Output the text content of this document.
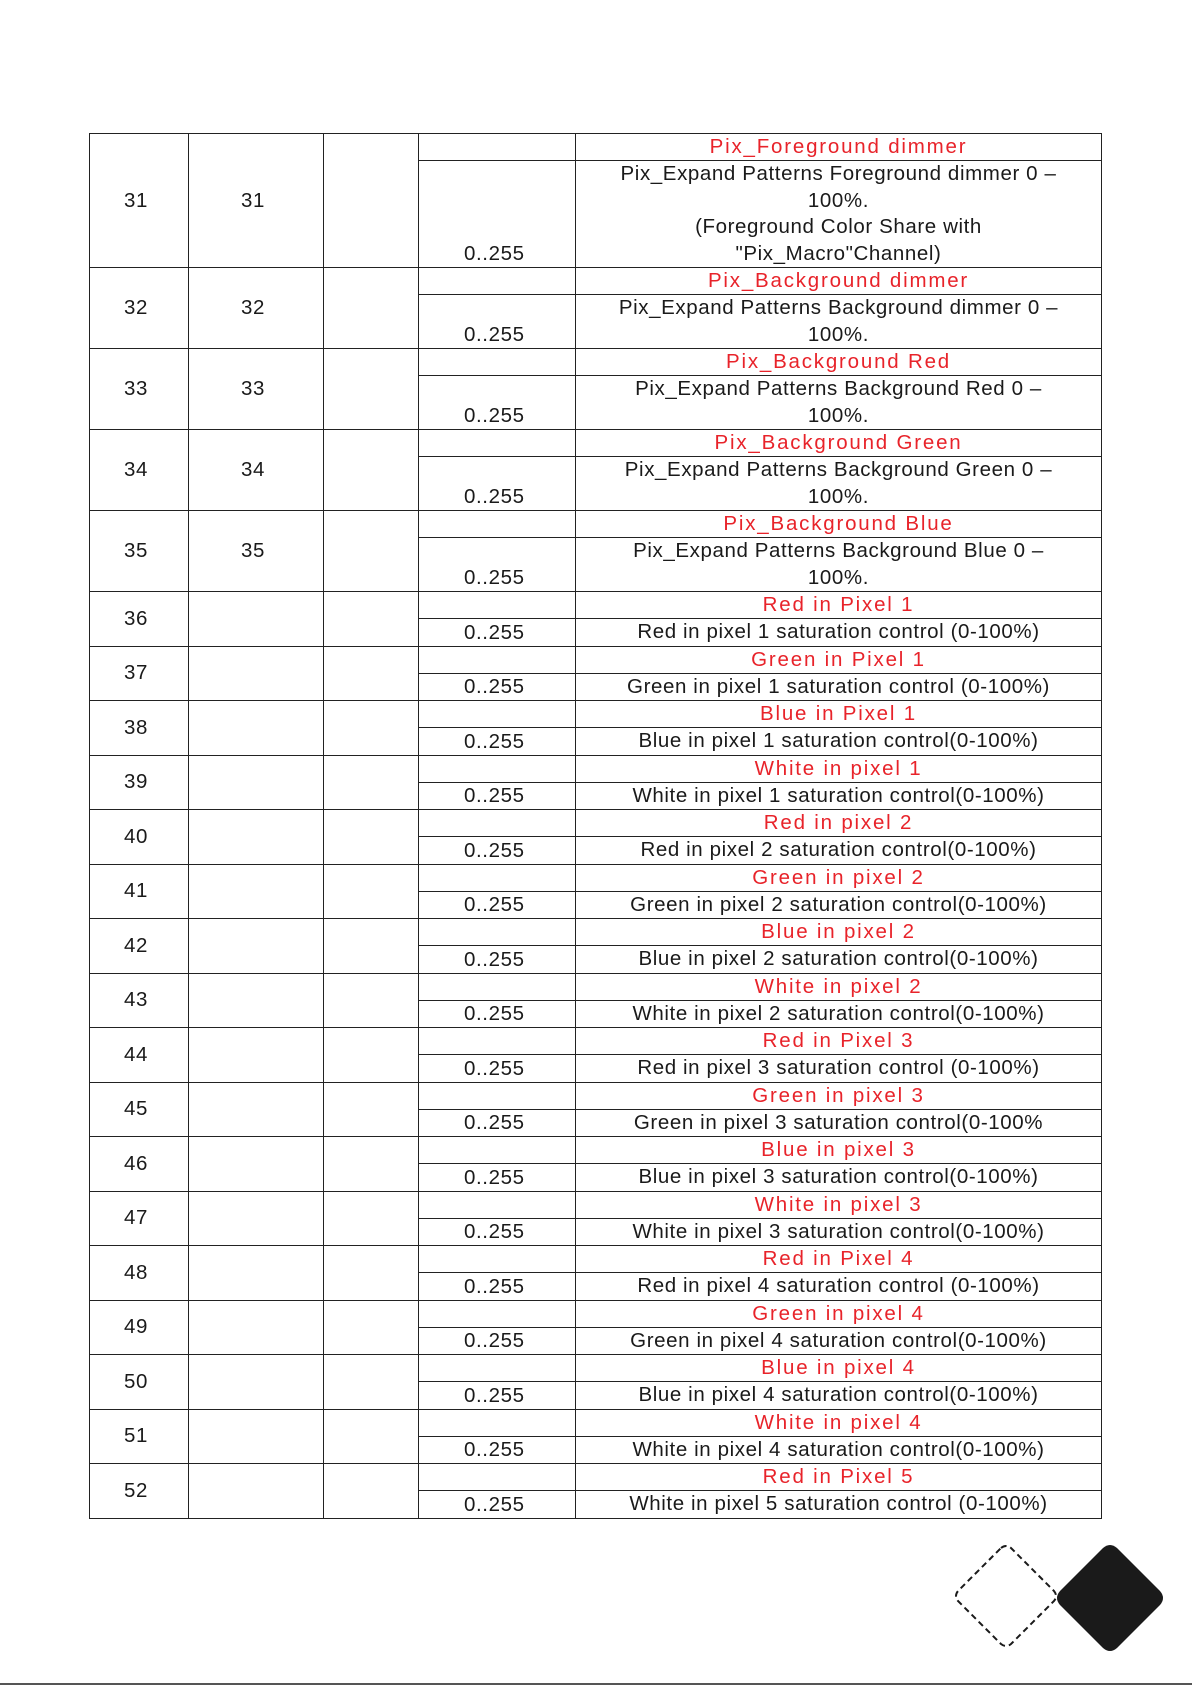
31	31			Pix_Foreground dimmer
			0..255	Pix_Expand Patterns Foreground dimmer 0 –
100%.
(Foreground Color Share with
"Pix_Macro"Channel)

32	32			Pix_Background dimmer
			0..255	Pix_Expand Patterns Background dimmer 0 –
100%.

33	33			Pix_Background Red
			0..255	Pix_Expand Patterns Background Red 0 –
100%.

34	34			Pix_Background Green
			0..255	Pix_Expand Patterns Background Green 0 –
100%.

35	35			Pix_Background Blue
			0..255	Pix_Expand Patterns Background Blue 0 –
100%.

36				Red in Pixel 1
			0..255	Red in pixel 1 saturation control (0-100%)

37				Green in Pixel 1
			0..255	Green in pixel 1 saturation control (0-100%)

38				Blue in Pixel 1
			0..255	Blue in pixel 1 saturation control(0-100%)

39				White in pixel 1
			0..255	White in pixel 1 saturation control(0-100%)

40				Red in pixel 2
			0..255	Red in pixel 2 saturation control(0-100%)

41				Green in pixel 2
			0..255	Green in pixel 2 saturation control(0-100%)

42				Blue in pixel 2
			0..255	Blue in pixel 2 saturation control(0-100%)

43				White in pixel 2
			0..255	White in pixel 2 saturation control(0-100%)

44				Red in Pixel 3
			0..255	Red in pixel 3 saturation control (0-100%)

45				Green in pixel 3
			0..255	Green in pixel 3 saturation control(0-100%

46				Blue in pixel 3
			0..255	Blue in pixel 3 saturation control(0-100%)

47				White in pixel 3
			0..255	White in pixel 3 saturation control(0-100%)

48				Red in Pixel 4
			0..255	Red in pixel 4 saturation control (0-100%)

49				Green in pixel 4
			0..255	Green in pixel 4 saturation control(0-100%)

50				Blue in pixel 4
			0..255	Blue in pixel 4 saturation control(0-100%)

51				White in pixel 4
			0..255	White in pixel 4 saturation control(0-100%)

52				Red in Pixel 5
			0..255	White in pixel 5 saturation control (0-100%)
